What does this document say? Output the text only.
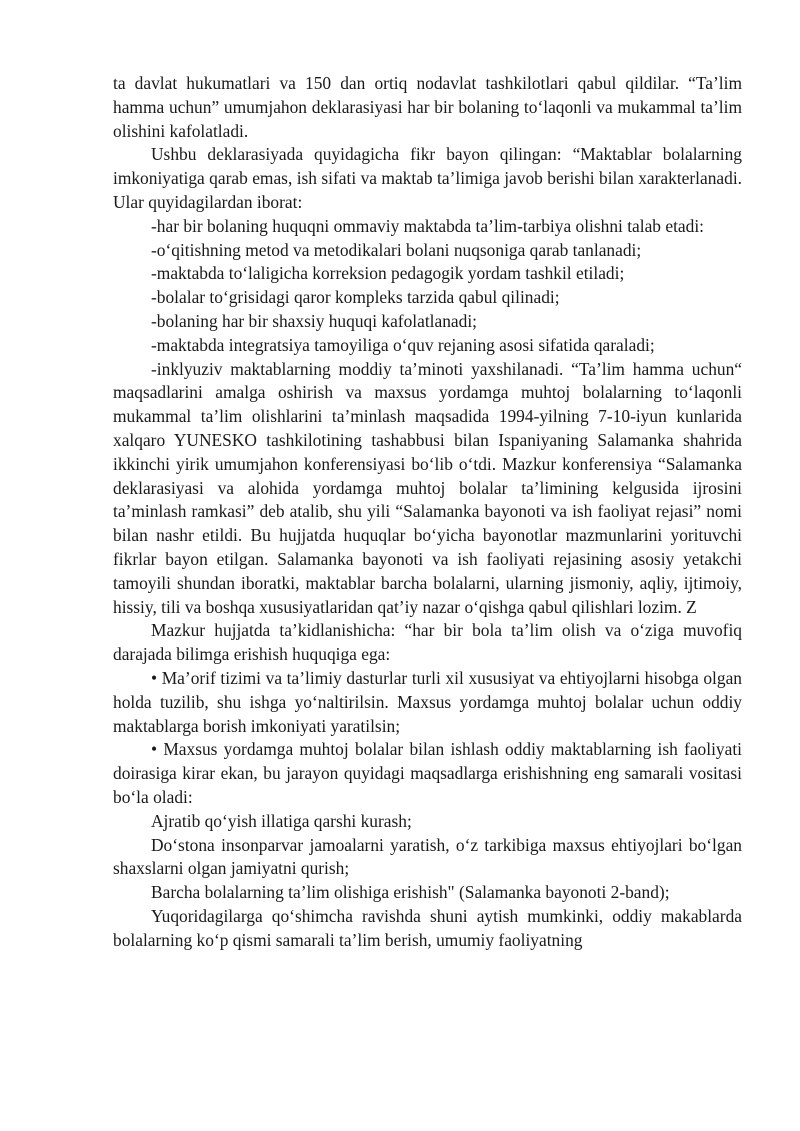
ta davlat hukumatlari va 150 dan ortiq nodavlat tashkilotlari qabul qildilar. “Ta’lim hamma uchun” umumjahon deklarasiyasi har bir bolaning to‘laqonli va mukammal ta’lim olishini kafolatladi.

Ushbu deklarasiyada quyidagicha fikr bayon qilingan: “Maktablar bolalarning imkoniyatiga qarab emas, ish sifati va maktab ta’limiga javob berishi bilan xarakterlanadi. Ular quyidagilardan iborat:

-har bir bolaning huquqni ommaviy maktabda ta’lim-tarbiya olishni talab etadi:

-o‘qitishning metod va metodikalari bolani nuqsoniga qarab tanlanadi;

-maktabda to‘laligicha korreksion pedagogik yordam tashkil etiladi;

-bolalar to‘grisidagi qaror kompleks tarzida qabul qilinadi;

-bolaning har bir shaxsiy huquqi kafolatlanadi;

-maktabda integratsiya tamoyiliga o‘quv rejaning asosi sifatida qaraladi;

-inklyuziv maktablarning moddiy ta’minoti yaxshilanadi. “Ta’lim hamma uchun“ maqsadlarini amalga oshirish va maxsus yordamga muhtoj bolalarning to‘laqonli mukammal ta’lim olishlarini ta’minlash maqsadida 1994-yilning 7-10-iyun kunlarida xalqaro YUNESKO tashkilotining tashabbusi bilan Ispaniyaning Salamanka shahrida ikkinchi yirik umumjahon konferensiyasi bo‘lib o‘tdi. Mazkur konferensiya “Salamanka deklarasiyasi va alohida yordamga muhtoj bolalar ta’limining kelgusida ijrosini ta’minlash ramkasi” deb atalib, shu yili “Salamanka bayonoti va ish faoliyat rejasi” nomi bilan nashr etildi. Bu hujjatda huquqlar bo‘yicha bayonotlar mazmunlarini yorituvchi fikrlar bayon etilgan. Salamanka bayonoti va ish faoliyati rejasining asosiy yetakchi tamoyili shundan iboratki, maktablar barcha bolalarni, ularning jismoniy, aqliy, ijtimoiy, hissiy, tili va boshqa xususiyatlaridan qat’iy nazar o‘qishga qabul qilishlari lozim. Z

Mazkur hujjatda ta’kidlanishicha: “har bir bola ta’lim olish va o‘ziga muvofiq darajada bilimga erishish huquqiga ega:

• Ma’orif tizimi va ta’limiy dasturlar turli xil xususiyat va ehtiyojlarni hisobga olgan holda tuzilib, shu ishga yo‘naltirilsin. Maxsus yordamga muhtoj bolalar uchun oddiy maktablarga borish imkoniyati yaratilsin;

• Maxsus yordamga muhtoj bolalar bilan ishlash oddiy maktablarning ish faoliyati doirasiga kirar ekan, bu jarayon quyidagi maqsadlarga erishishning eng samarali vositasi bo‘la oladi:

Ajratib qo‘yish illatiga qarshi kurash;

Do‘stona insonparvar jamoalarni yaratish, o‘z tarkibiga maxsus ehtiyojlari bo‘lgan shaxslarni olgan jamiyatni qurish;

Barcha bolalarning ta’lim olishiga erishish" (Salamanka bayonoti 2-band);

Yuqoridagilarga qo‘shimcha ravishda shuni aytish mumkinki, oddiy makablarda bolalarning ko‘p qismi samarali ta’lim berish, umumiy faoliyatning
